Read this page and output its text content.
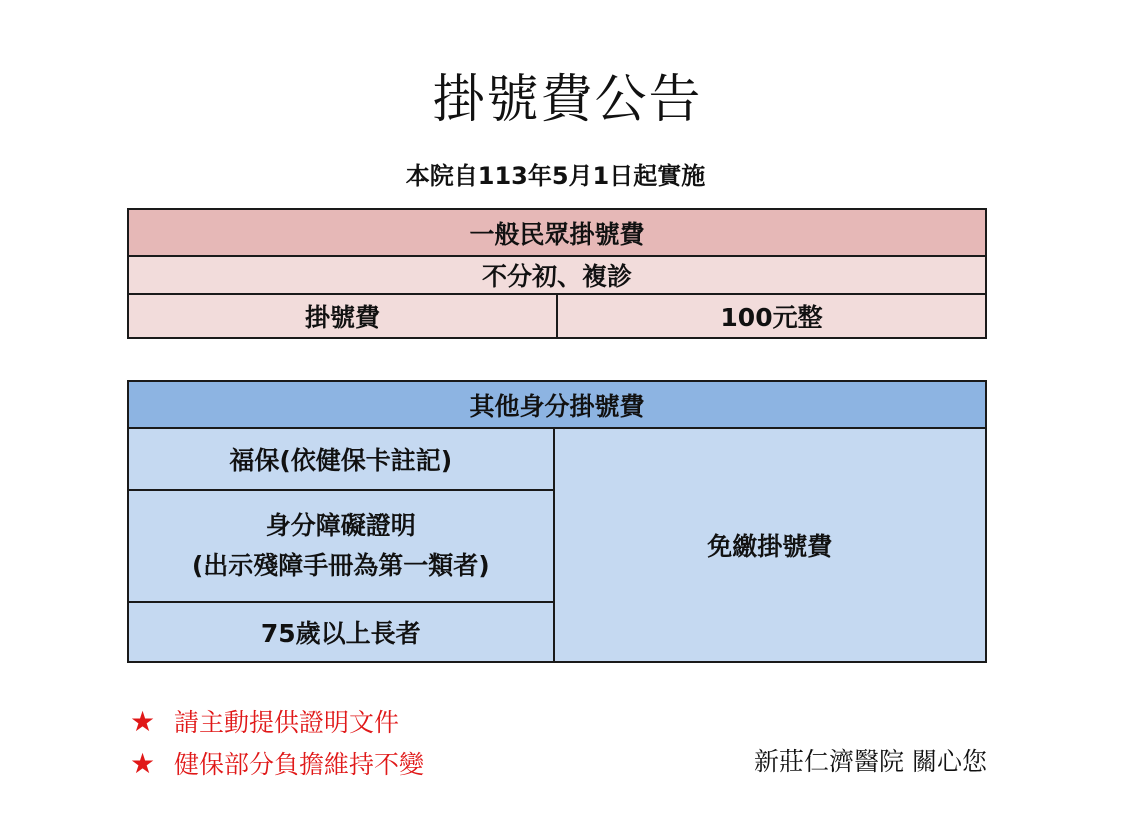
掛號費公告
本院自113年5月1日起實施
一般民眾掛號費
不分初、複診
掛號費	100元整
其他身分掛號費
福保(依健保卡註記)	免繳掛號費

身分障礙證明
(出示殘障手冊為第一類者)

75歲以上長者
★ 請主動提供證明文件
★ 健保部分負擔維持不變	新莊仁濟醫院 關心您
